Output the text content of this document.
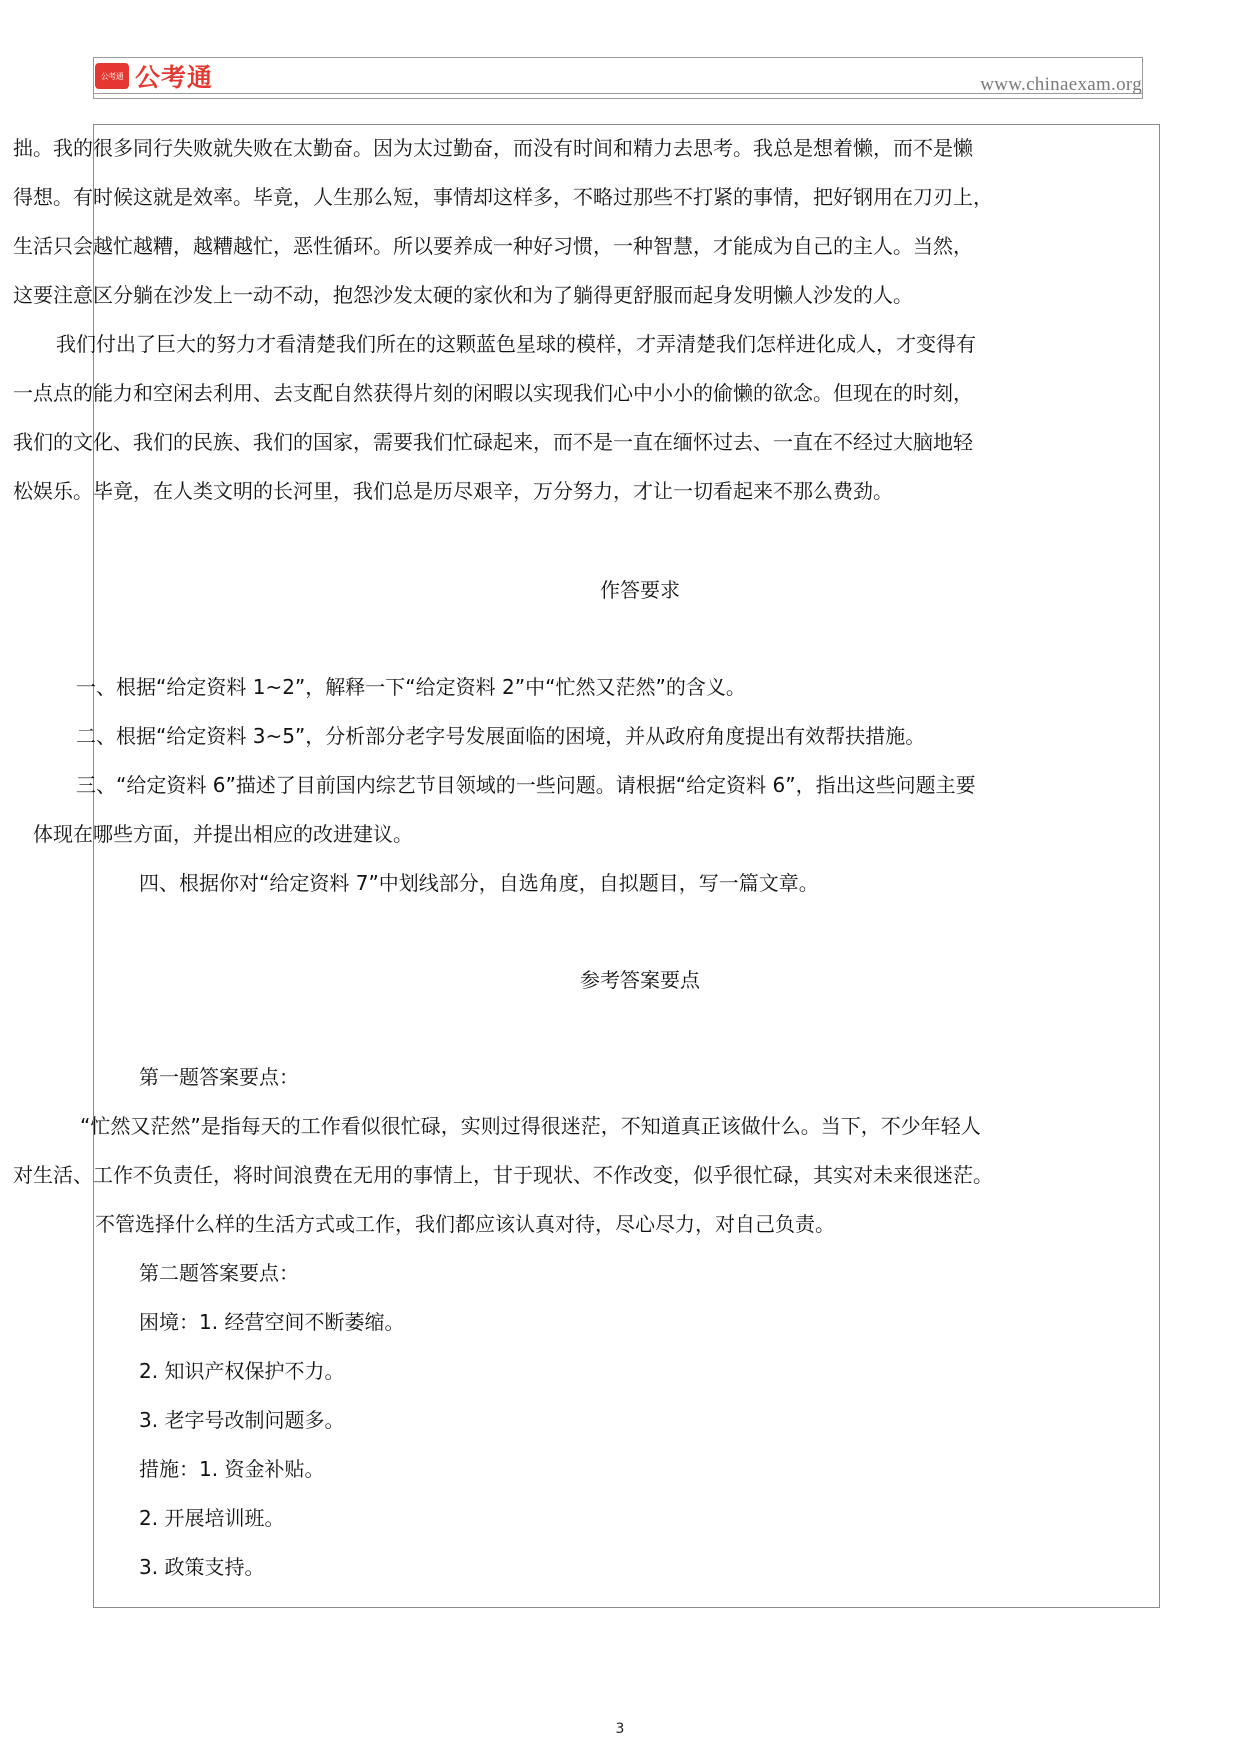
公考通 公考通	www.chinaexam.org
拙。我的很多同行失败就失败在太勤奋。因为太过勤奋，而没有时间和精力去思考。我总是想着懒，而不是懒
得想。有时候这就是效率。毕竟，人生那么短，事情却这样多，不略过那些不打紧的事情，把好钢用在刀刃上，
生活只会越忙越糟，越糟越忙，恶性循环。所以要养成一种好习惯，一种智慧，才能成为自己的主人。当然，
这要注意区分躺在沙发上一动不动，抱怨沙发太硬的家伙和为了躺得更舒服而起身发明懒人沙发的人。
我们付出了巨大的努力才看清楚我们所在的这颗蓝色星球的模样，才弄清楚我们怎样进化成人，才变得有
一点点的能力和空闲去利用、去支配自然获得片刻的闲暇以实现我们心中小小的偷懒的欲念。但现在的时刻，
我们的文化、我们的民族、我们的国家，需要我们忙碌起来，而不是一直在缅怀过去、一直在不经过大脑地轻
松娱乐。毕竟，在人类文明的长河里，我们总是历尽艰辛，万分努力，才让一切看起来不那么费劲。
作答要求
一、根据“给定资料 1~2”，解释一下“给定资料 2”中“忙然又茫然”的含义。
二、根据“给定资料 3~5”，分析部分老字号发展面临的困境，并从政府角度提出有效帮扶措施。
三、“给定资料 6”描述了目前国内综艺节目领域的一些问题。请根据“给定资料 6”，指出这些问题主要
体现在哪些方面，并提出相应的改进建议。
四、根据你对“给定资料 7”中划线部分，自选角度，自拟题目，写一篇文章。
参考答案要点
第一题答案要点：
“忙然又茫然”是指每天的工作看似很忙碌，实则过得很迷茫，不知道真正该做什么。当下，不少年轻人
对生活、工作不负责任，将时间浪费在无用的事情上，甘于现状、不作改变，似乎很忙碌，其实对未来很迷茫。
不管选择什么样的生活方式或工作，我们都应该认真对待，尽心尽力，对自己负责。
第二题答案要点：
困境：1. 经营空间不断萎缩。
2. 知识产权保护不力。
3. 老字号改制问题多。
措施：1. 资金补贴。
2. 开展培训班。
3. 政策支持。
3
